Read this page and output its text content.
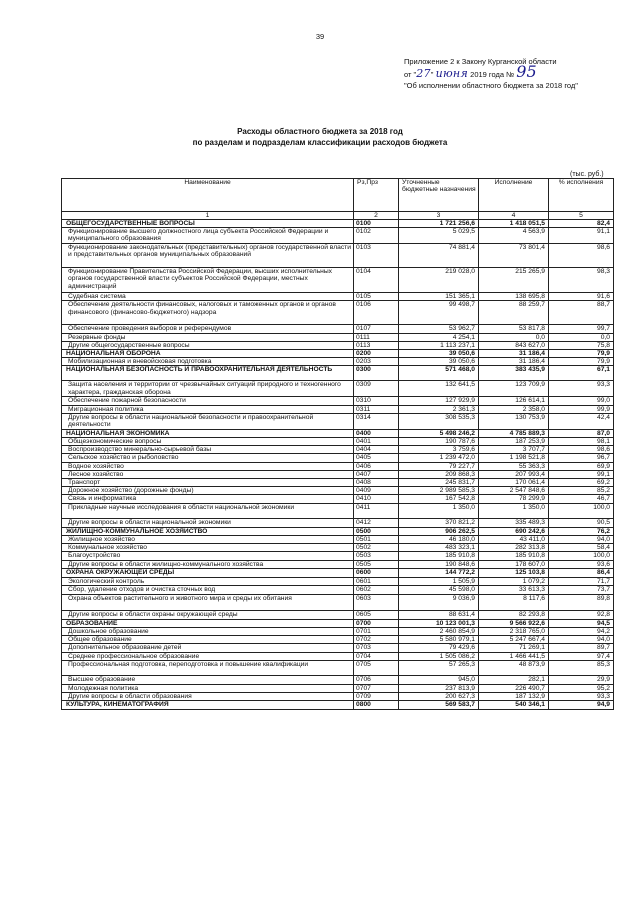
39
Приложение 2 к Закону Курганской области
от "27" июня 2019 года № 95
"Об исполнении областного бюджета за 2018 год"
Расходы областного бюджета за 2018 год
по разделам и подразделам классификации расходов бюджета
(тыс. руб.)
Наименование	Рз,Прз	Уточненные бюджетные назначения	Исполнение	% исполнения
1	2	3	4	5
ОБЩЕГОСУДАРСТВЕННЫЕ ВОПРОСЫ	0100	1 721 256,6	1 418 051,5	82,4
Функционирование высшего должностного лица субъекта Российской Федерации и муниципального образования	0102	5 029,5	4 563,9	91,1
Функционирование законодательных (представительных) органов государственной власти и представительных органов муниципальных образований	0103	74 881,4	73 801,4	98,6
Функционирование Правительства Российской Федерации, высших исполнительных органов государственной власти субъектов Российской Федерации, местных администраций	0104	219 028,0	215 265,9	98,3
Судебная система	0105	151 365,1	138 695,8	91,6
Обеспечение деятельности финансовых, налоговых и таможенных органов и органов финансового (финансово-бюджетного) надзора	0106	99 498,7	88 259,7	88,7
Обеспечение проведения выборов и референдумов	0107	53 962,7	53 817,8	99,7
Резервные фонды	0111	4 254,1	0,0	0,0
Другие общегосударственные вопросы	0113	1 113 237,1	843 627,0	75,8
НАЦИОНАЛЬНАЯ ОБОРОНА	0200	39 050,6	31 186,4	79,9
Мобилизационная и вневойсковая подготовка	0203	39 050,6	31 186,4	79,9
НАЦИОНАЛЬНАЯ БЕЗОПАСНОСТЬ И ПРАВООХРАНИТЕЛЬНАЯ ДЕЯТЕЛЬНОСТЬ	0300	571 468,0	383 435,9	67,1
Защита населения и территории от чрезвычайных ситуаций природного и техногенного характера, гражданская оборона	0309	132 641,5	123 709,9	93,3
Обеспечение пожарной безопасности	0310	127 929,9	126 614,1	99,0
Миграционная политика	0311	2 361,3	2 358,0	99,9
Другие вопросы в области национальной безопасности и правоохранительной деятельности	0314	308 535,3	130 753,9	42,4
НАЦИОНАЛЬНАЯ ЭКОНОМИКА	0400	5 498 246,2	4 785 889,3	87,0
Общеэкономические вопросы	0401	190 787,6	187 253,9	98,1
Воспроизводство минерально-сырьевой базы	0404	3 759,6	3 707,7	98,6
Сельское хозяйство и рыболовство	0405	1 239 472,0	1 198 521,8	96,7
Водное хозяйство	0406	79 227,7	55 363,3	69,9
Лесное хозяйство	0407	209 868,3	207 993,4	99,1
Транспорт	0408	245 831,7	170 061,4	69,2
Дорожное хозяйство (дорожные фонды)	0409	2 989 585,3	2 547 848,6	85,2
Связь и информатика	0410	167 542,8	78 299,9	46,7
Прикладные научные исследования в области национальной экономики	0411	1 350,0	1 350,0	100,0
Другие вопросы в области национальной экономики	0412	370 821,2	335 489,3	90,5
ЖИЛИЩНО-КОММУНАЛЬНОЕ ХОЗЯЙСТВО	0500	906 262,5	690 242,6	76,2
Жилищное хозяйство	0501	46 180,0	43 411,0	94,0
Коммунальное хозяйство	0502	483 323,1	282 313,8	58,4
Благоустройство	0503	185 910,8	185 910,8	100,0
Другие вопросы в области жилищно-коммунального хозяйства	0505	190 848,6	178 607,0	93,6
ОХРАНА ОКРУЖАЮЩЕЙ СРЕДЫ	0600	144 772,2	125 103,8	86,4
Экологический контроль	0601	1 505,9	1 079,2	71,7
Сбор, удаление отходов и очистка сточных вод	0602	45 598,0	33 613,3	73,7
Охрана объектов растительного и животного мира и среды их обитания	0603	9 036,9	8 117,6	89,8
Другие вопросы в области охраны окружающей среды	0605	88 631,4	82 293,8	92,8
ОБРАЗОВАНИЕ	0700	10 123 001,3	9 566 922,6	94,5
Дошкольное образование	0701	2 460 854,9	2 318 765,0	94,2
Общее образование	0702	5 580 979,1	5 247 667,4	94,0
Дополнительное образование детей	0703	79 429,6	71 269,1	89,7
Среднее профессиональное образование	0704	1 505 086,2	1 466 441,5	97,4
Профессиональная подготовка, переподготовка и повышение квалификации	0705	57 265,3	48 873,9	85,3
Высшее образование	0706	945,0	282,1	29,9
Молодежная политика	0707	237 813,9	226 490,7	95,2
Другие вопросы в области образования	0709	200 627,3	187 132,9	93,3
КУЛЬТУРА, КИНЕМАТОГРАФИЯ	0800	569 583,7	540 346,1	94,9
